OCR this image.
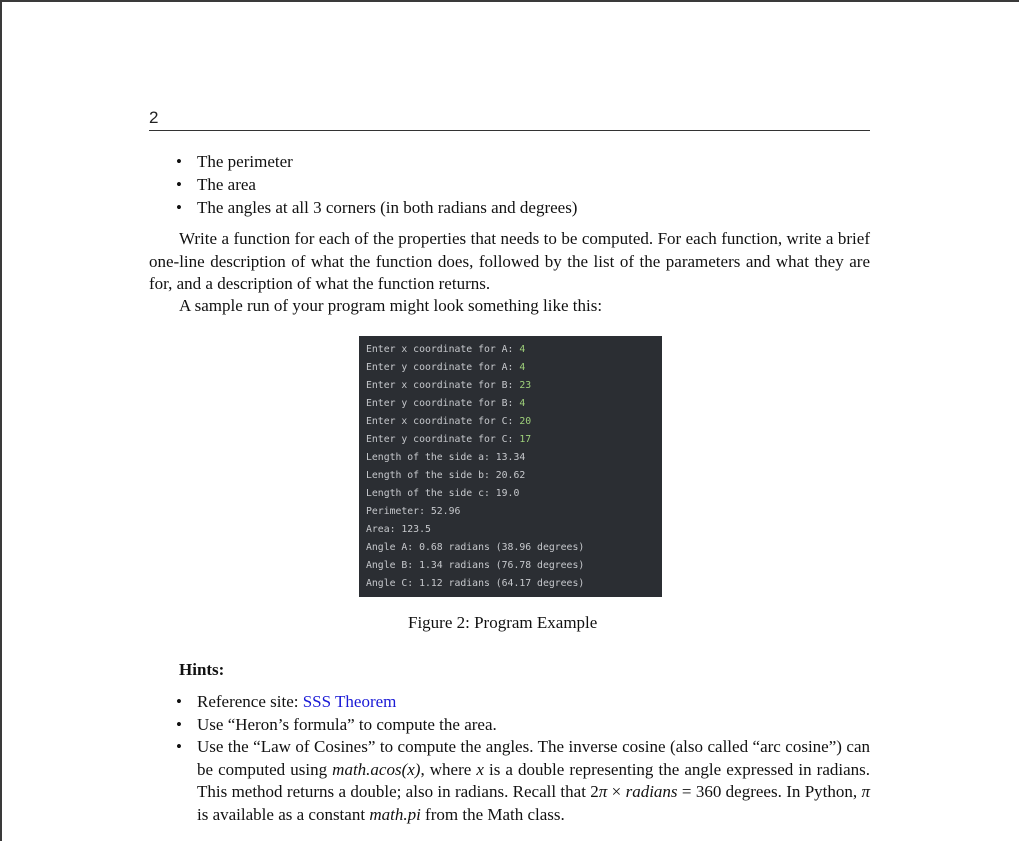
2
• The perimeter
• The area
• The angles at all 3 corners (in both radians and degrees)

Write a function for each of the properties that needs to be computed. For each function, write a brief one-line description of what the function does, followed by the list of the parameters and what they are for, and a description of what the function returns.

A sample run of your program might look something like this:

Enter x coordinate for A: 4
Enter y coordinate for A: 4
Enter x coordinate for B: 23
Enter y coordinate for B: 4
Enter x coordinate for C: 20
Enter y coordinate for C: 17
Length of the side a: 13.34
Length of the side b: 20.62
Length of the side c: 19.0
Perimeter: 52.96
Area: 123.5
Angle A: 0.68 radians (38.96 degrees)
Angle B: 1.34 radians (76.78 degrees)
Angle C: 1.12 radians (64.17 degrees)
Figure 2: Program Example
Hints:
• Reference site: SSS Theorem
• Use “Heron’s formula” to compute the area.
• Use the “Law of Cosines” to compute the angles. The inverse cosine (also called “arc cosine”) can be computed using math.acos(x), where x is a double representing the angle expressed in radians. This method returns a double; also in radians. Recall that 2π × radians = 360 degrees. In Python, π is available as a constant math.pi from the Math class.
